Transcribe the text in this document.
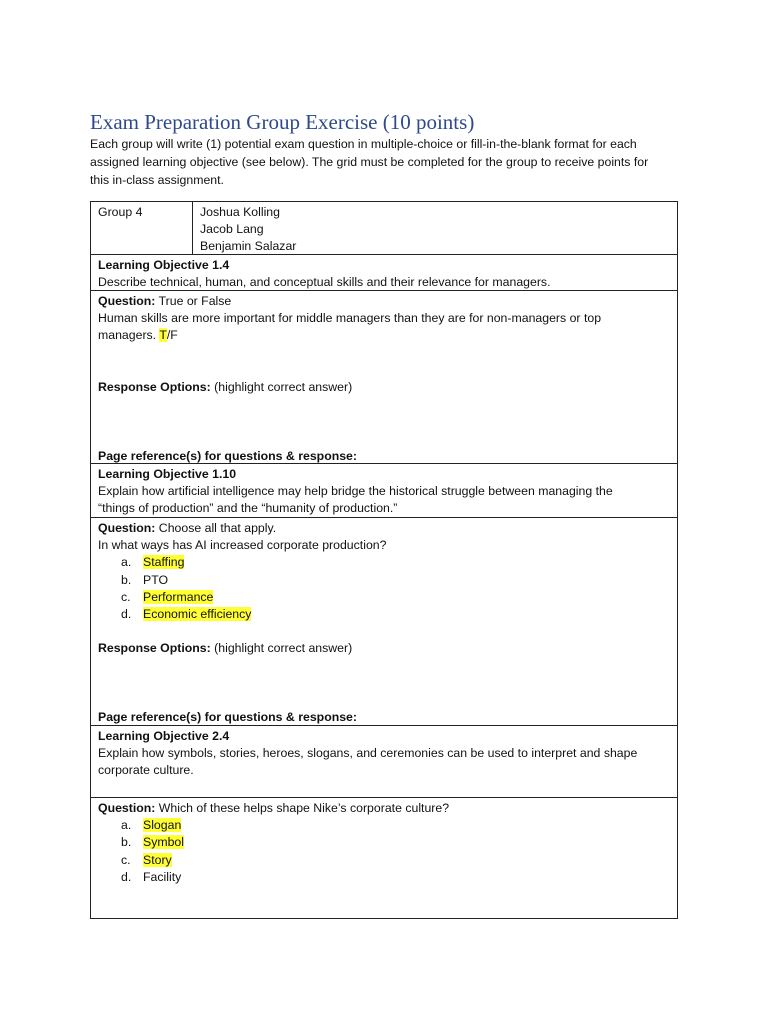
Exam Preparation Group Exercise (10 points)
Each group will write (1) potential exam question in multiple-choice or fill-in-the-blank format for each
assigned learning objective (see below). The grid must be completed for the group to receive points for
this in-class assignment.
Group 4	Joshua Kolling
Jacob Lang
Benjamin Salazar
Learning Objective 1.4
Describe technical, human, and conceptual skills and their relevance for managers.
Question: True or False
Human skills are more important for middle managers than they are for non-managers or top
managers. T/F
Response Options: (highlight correct answer)
Page reference(s) for questions & response:
Learning Objective 1.10
Explain how artificial intelligence may help bridge the historical struggle between managing the
“things of production” and the “humanity of production.”
Question: Choose all that apply.
In what ways has AI increased corporate production?
a. Staffing
b. PTO
c. Performance
d. Economic efficiency
Response Options: (highlight correct answer)
Page reference(s) for questions & response:
Learning Objective 2.4
Explain how symbols, stories, heroes, slogans, and ceremonies can be used to interpret and shape
corporate culture.
Question: Which of these helps shape Nike’s corporate culture?
a. Slogan
b. Symbol
c. Story
d. Facility
